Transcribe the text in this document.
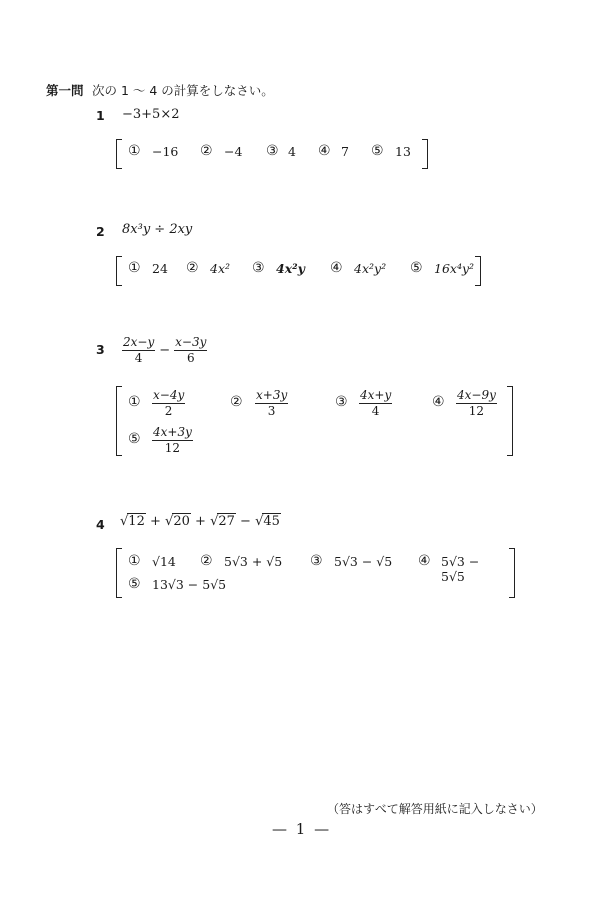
第一問 次の 1 〜 4 の計算をしなさい。
1 −3+5×2
① −16 ② −4 ③ 4 ④ 7 ⑤ 13
2 8x³y ÷ 2xy
① 24 ② 4x² ③ 4x²y ④ 4x²y² ⑤ 16x⁴y²
$3 \frac{2x-y}{4} - \frac{x-3y}{6}$
① $\frac{x-4y}{2}$	② $\frac{x+3y}{3}$	③ $\frac{4x+y}{4}$	④ $\frac{4x-9y}{12}$
⑤ $\frac{4x+3y}{12}$
4 √12 + √20 + √27 − √45
① √14 ② 5√3 + √5 ③ 5√3 − √5 ④ 5√3 − 5√5
⑤ 13√3 − 5√5
（答はすべて解答用紙に記入しなさい）
— 1 —
